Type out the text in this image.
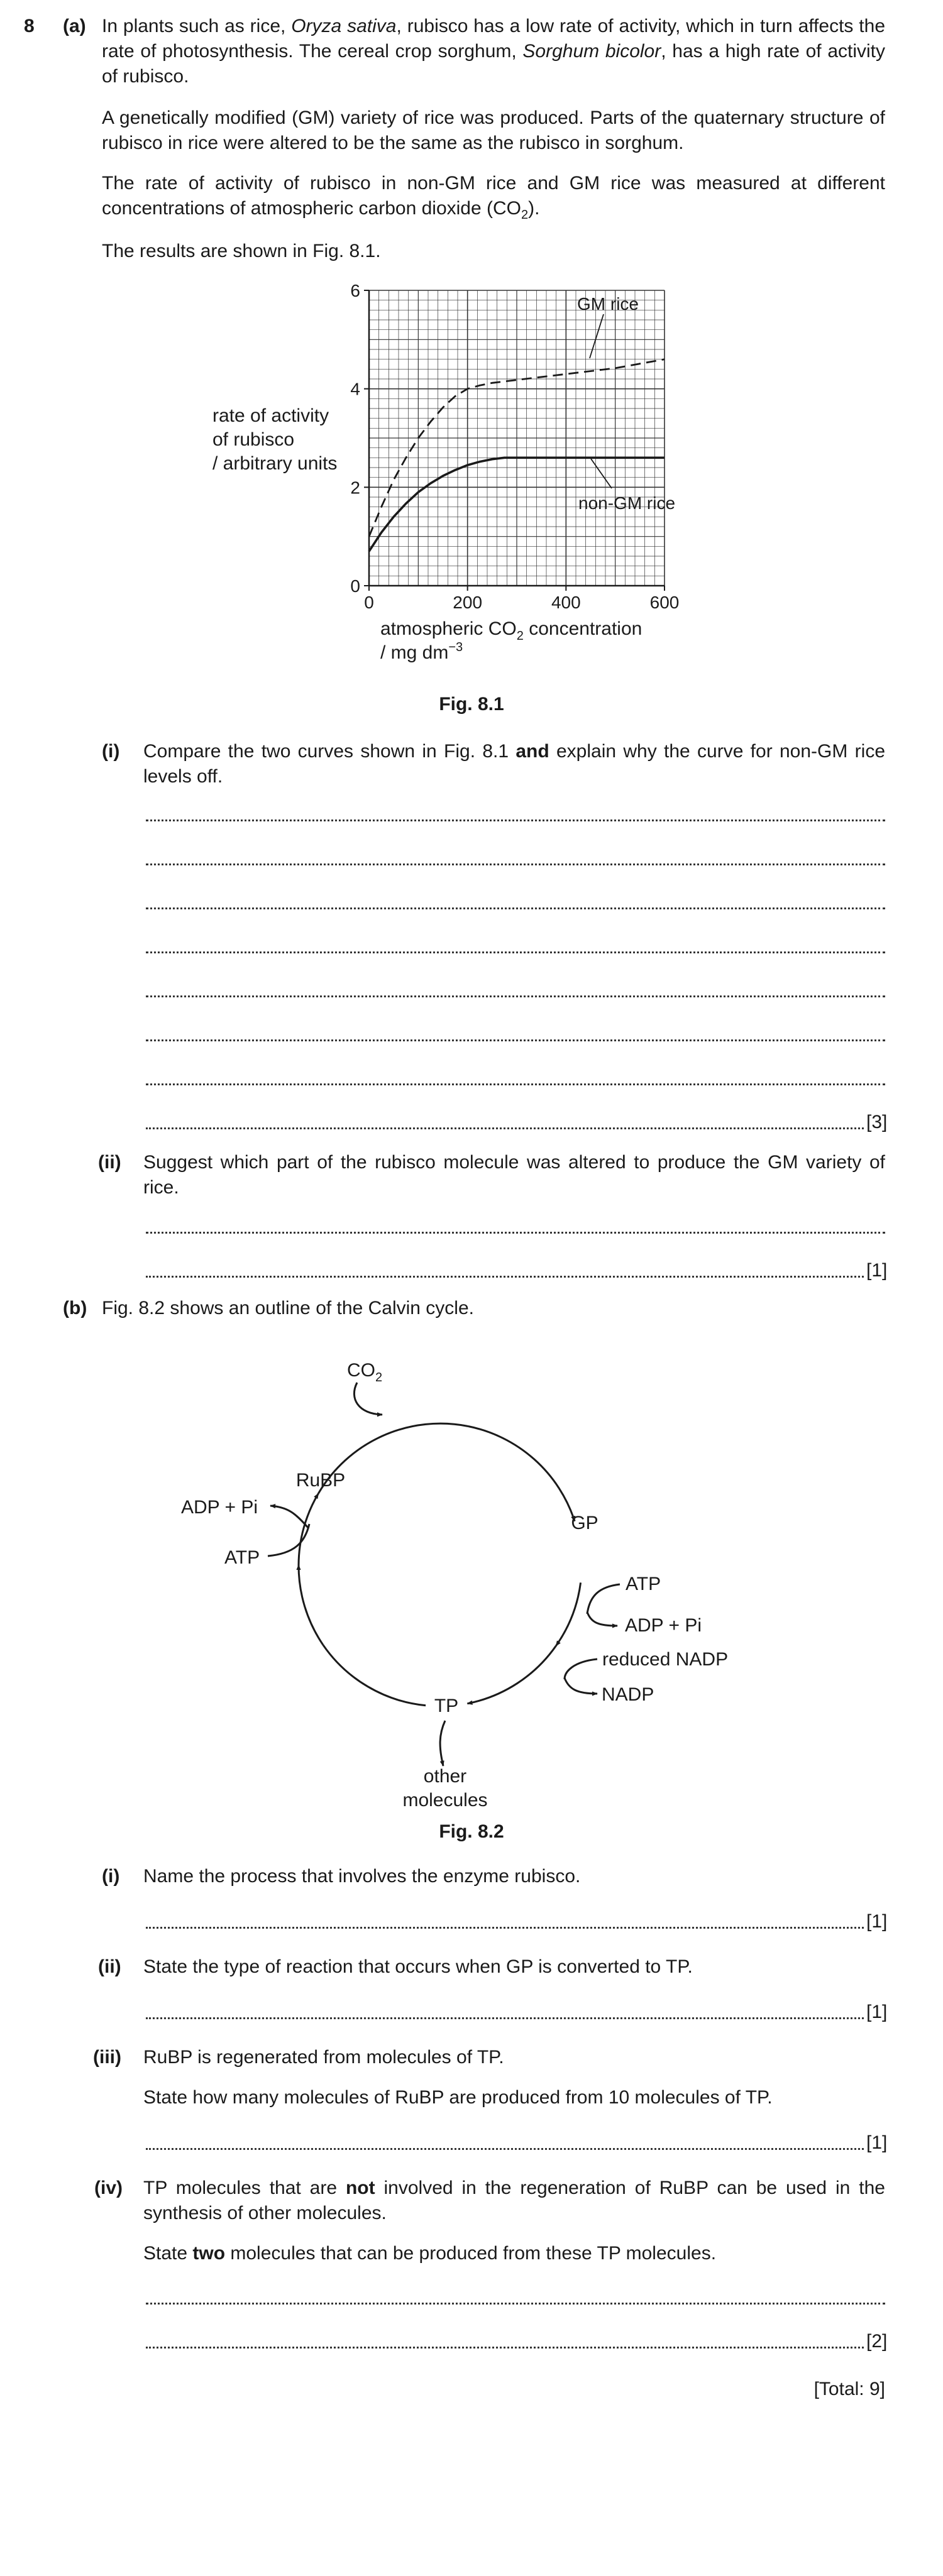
8 (a) In plants such as rice, Oryza sativa, rubisco has a low rate of activity, which in turn affects the rate of photosynthesis. The cereal crop sorghum, Sorghum bicolor, has a high rate of activity of rubisco.
A genetically modified (GM) variety of rice was produced. Parts of the quaternary structure of rubisco in rice were altered to be the same as the rubisco in sorghum.
The rate of activity of rubisco in non-GM rice and GM rice was measured at different concentrations of atmospheric carbon dioxide $(CO_2)$.
The results are shown in Fig. 8.1.
0	200	400	600
0
2
4
6
GM rice
non-GM rice
rate of activity
of rubisco
/ arbitrary units
atmospheric $CO_2$ concentration
/ mg $dm^{-3}$
Fig. 8.1
(i) Compare the two curves shown in Fig. 8.1 and explain why the curve for non-GM rice levels off.
[3]
(ii) Suggest which part of the rubisco molecule was altered to produce the GM variety of rice.
[1]
(b) Fig. 8.2 shows an outline of the Calvin cycle.
$CO_2$
ATP
ADP + Pi
ATP
ADP + Pi
reduced NADP
NADP
RuBP
GP
TP
other
molecules
Fig. 8.2
(i) Name the process that involves the enzyme rubisco.
[1]
(ii) State the type of reaction that occurs when GP is converted to TP.
[1]
(iii) RuBP is regenerated from molecules of TP.
State how many molecules of RuBP are produced from 10 molecules of TP.
[1]
(iv) TP molecules that are not involved in the regeneration of RuBP can be used in the synthesis of other molecules.
State two molecules that can be produced from these TP molecules.
[2]
[Total: 9]
